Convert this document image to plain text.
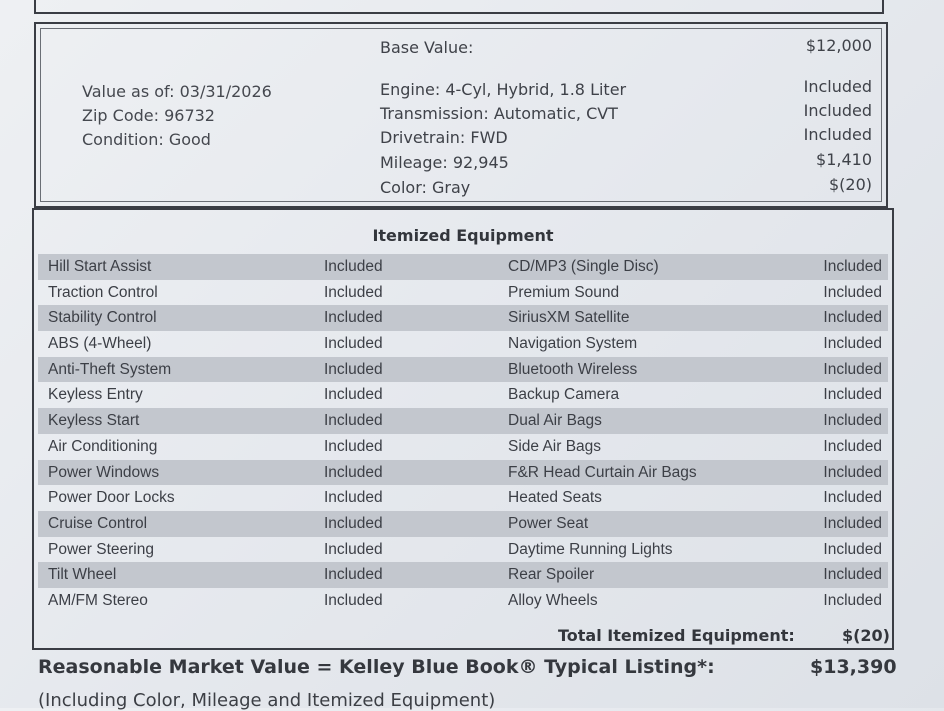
Value as of: 03/31/2026
Zip Code: 96732
Condition: Good
Base Value:	$12,000
Engine: 4-Cyl, Hybrid, 1.8 Liter	Included
Transmission: Automatic, CVT	Included
Drivetrain: FWD	Included
Mileage: 92,945	$1,410
Color: Gray	$(20)
Itemized Equipment
Hill Start Assist	Included	CD/MP3 (Single Disc)	Included
Traction Control	Included	Premium Sound	Included
Stability Control	Included	SiriusXM Satellite	Included
ABS (4-Wheel)	Included	Navigation System	Included
Anti-Theft System	Included	Bluetooth Wireless	Included
Keyless Entry	Included	Backup Camera	Included
Keyless Start	Included	Dual Air Bags	Included
Air Conditioning	Included	Side Air Bags	Included
Power Windows	Included	F&R Head Curtain Air Bags	Included
Power Door Locks	Included	Heated Seats	Included
Cruise Control	Included	Power Seat	Included
Power Steering	Included	Daytime Running Lights	Included
Tilt Wheel	Included	Rear Spoiler	Included
AM/FM Stereo	Included	Alloy Wheels	Included
Total Itemized Equipment:	$(20)
Reasonable Market Value = Kelley Blue Book® Typical Listing*:	$13,390
(Including Color, Mileage and Itemized Equipment)
